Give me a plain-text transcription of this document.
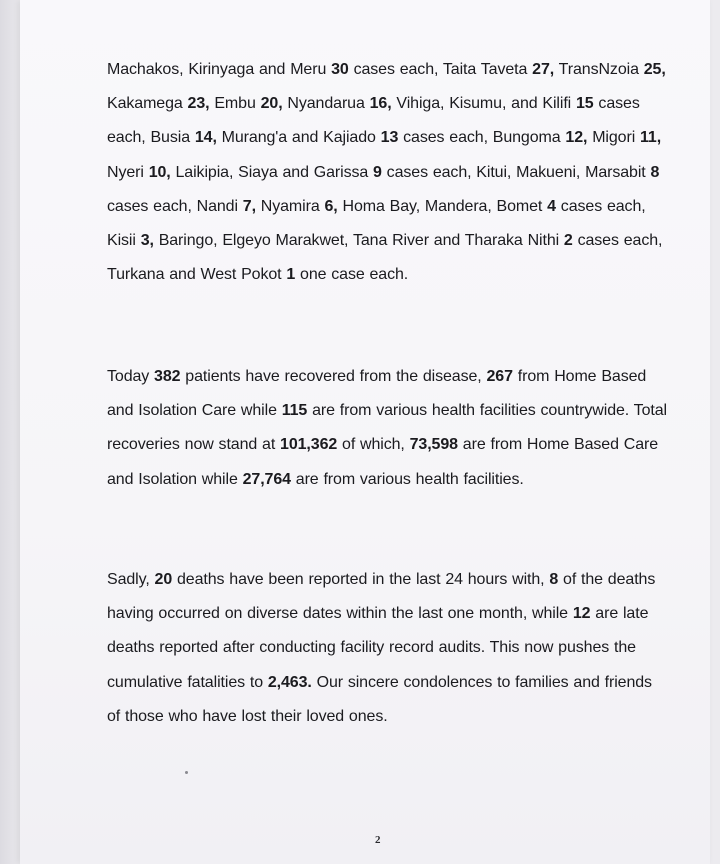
Machakos, Kirinyaga and Meru 30 cases each, Taita Taveta 27, TransNzoia 25, Kakamega 23, Embu 20, Nyandarua 16, Vihiga, Kisumu, and Kilifi 15 cases each, Busia 14, Murang'a and Kajiado 13 cases each, Bungoma 12, Migori 11, Nyeri 10, Laikipia, Siaya and Garissa 9 cases each, Kitui, Makueni, Marsabit 8 cases each, Nandi 7, Nyamira 6, Homa Bay, Mandera, Bomet 4 cases each, Kisii 3, Baringo, Elgeyo Marakwet, Tana River and Tharaka Nithi 2 cases each, Turkana and West Pokot 1 one case each.

Today 382 patients have recovered from the disease, 267 from Home Based and Isolation Care while 115 are from various health facilities countrywide. Total recoveries now stand at 101,362 of which, 73,598 are from Home Based Care and Isolation while 27,764 are from various health facilities.

Sadly, 20 deaths have been reported in the last 24 hours with, 8 of the deaths having occurred on diverse dates within the last one month, while 12 are late deaths reported after conducting facility record audits. This now pushes the cumulative fatalities to 2,463. Our sincere condolences to families and friends of those who have lost their loved ones.

2
